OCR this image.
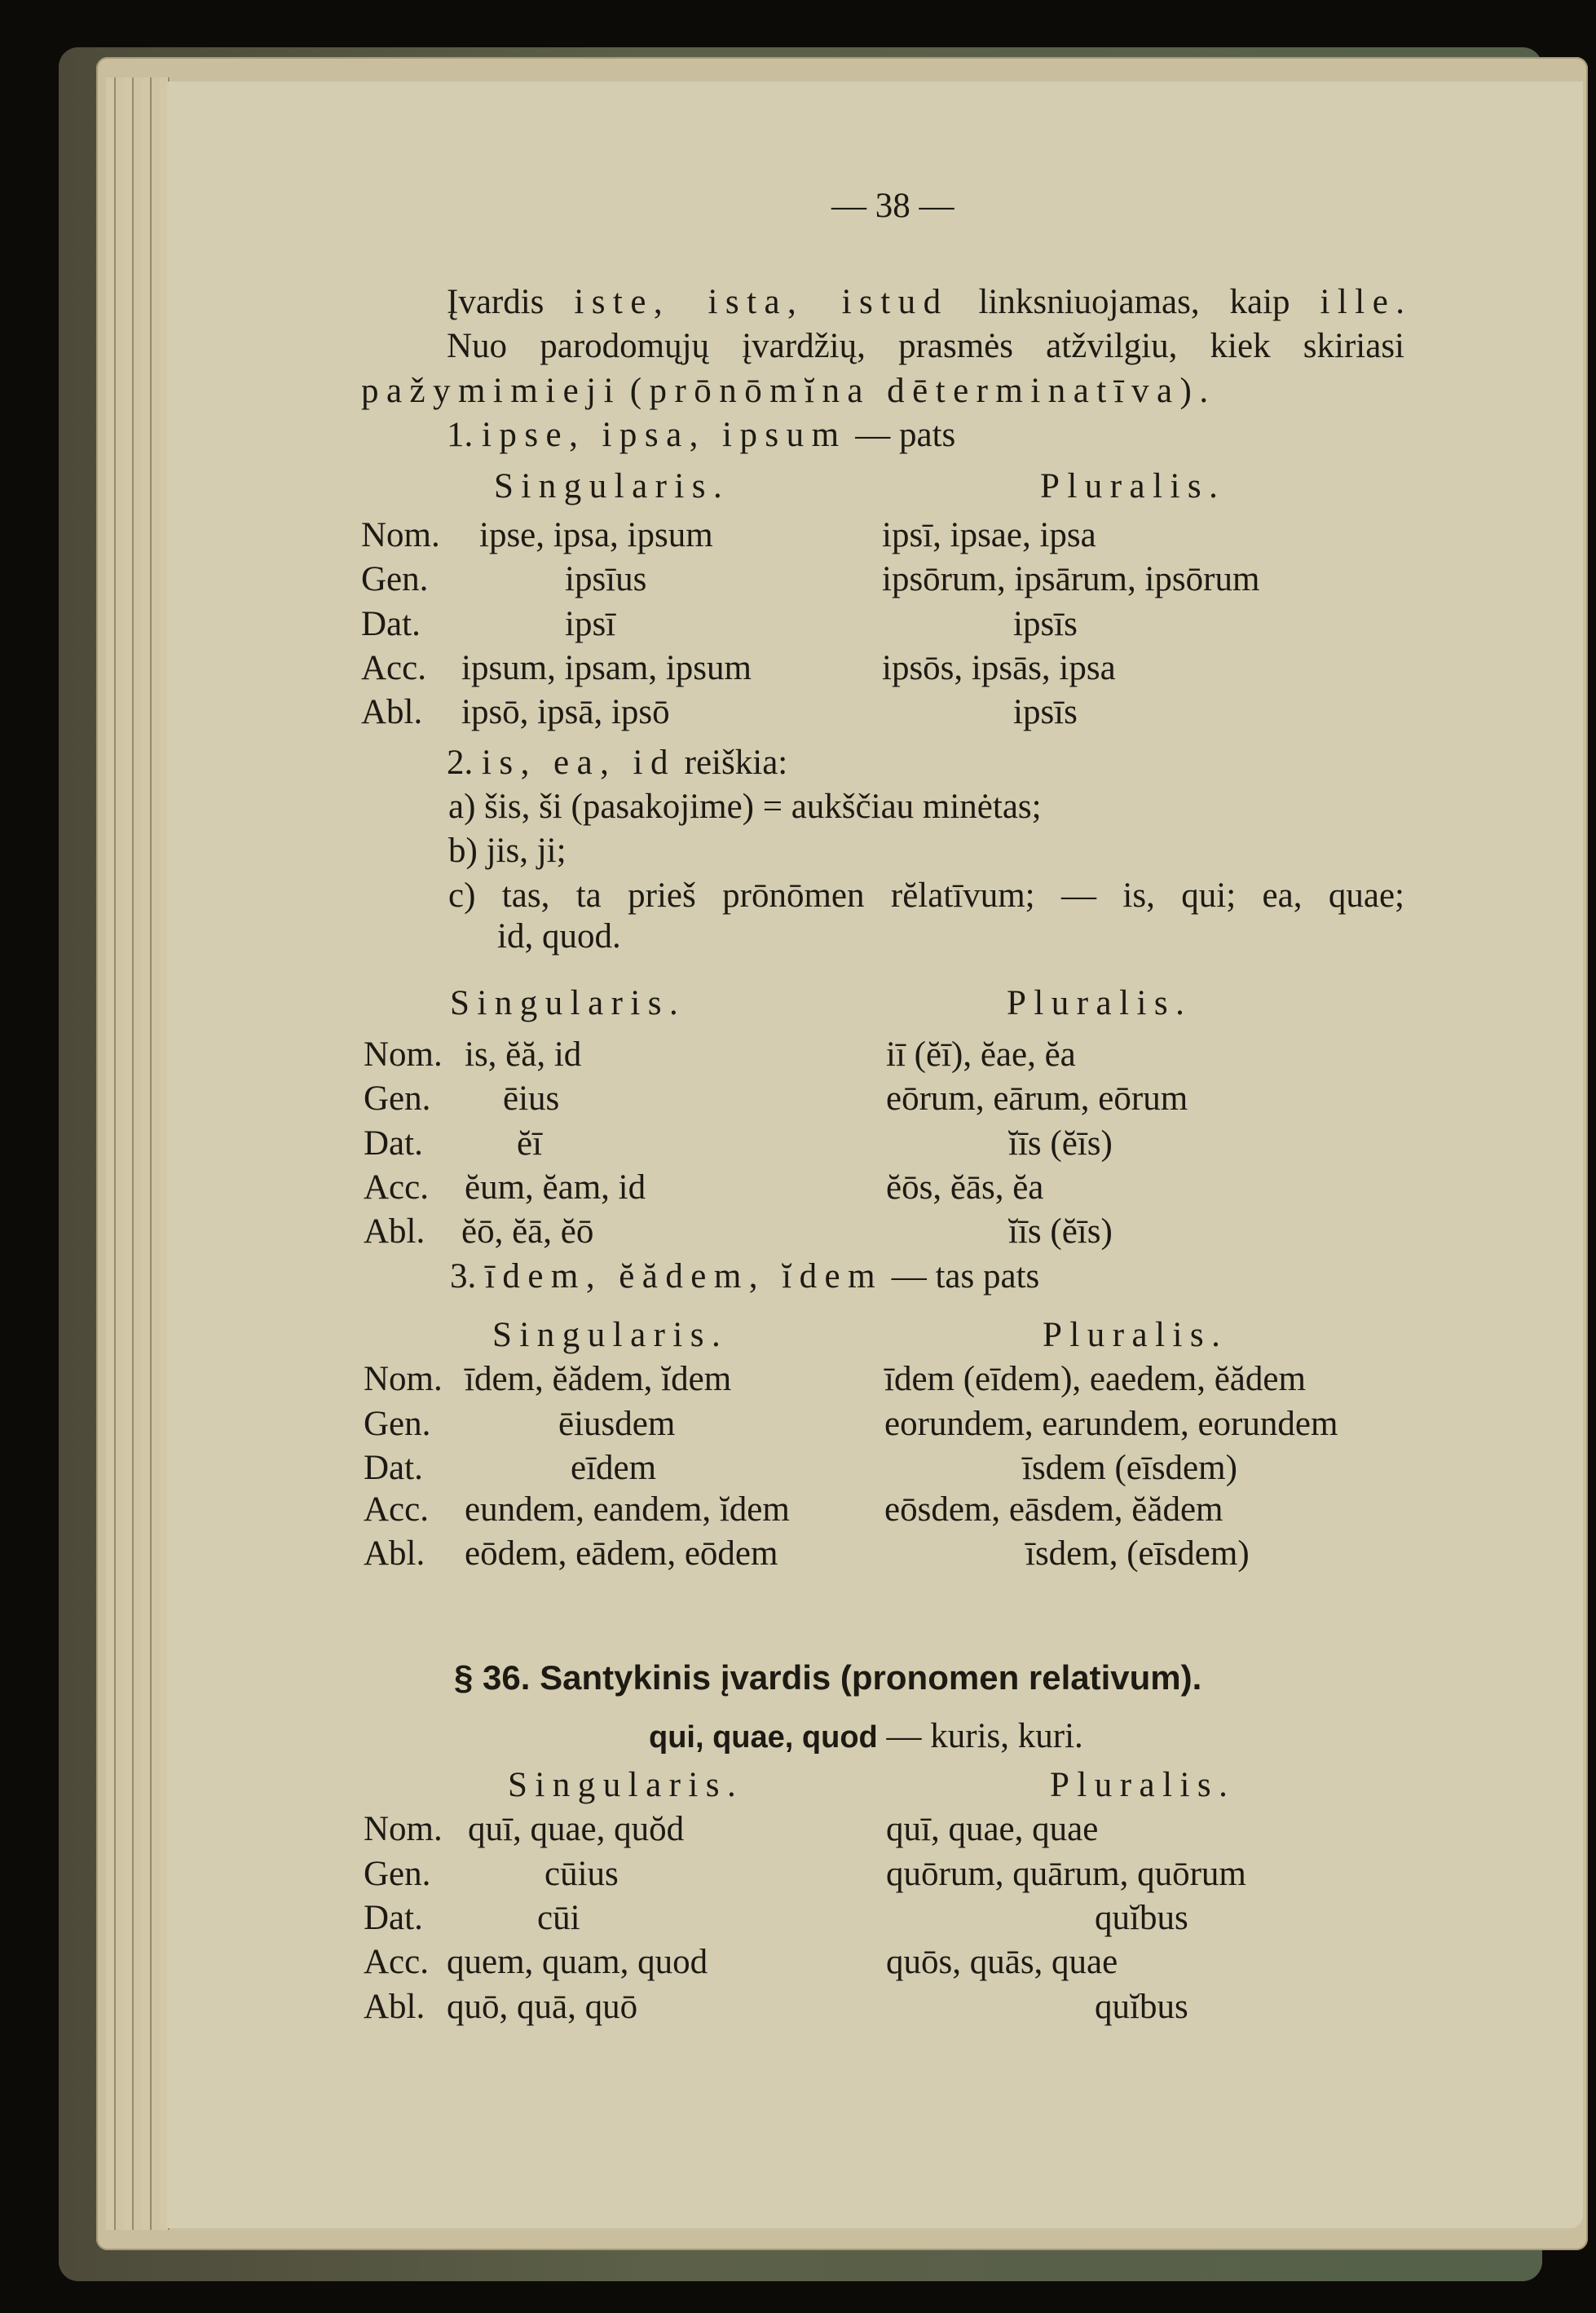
— 38 —
Įvardis iste, ista, istud linksniuojamas, kaip ille.
Nuo parodomųjų įvardžių, prasmės atžvilgiu, kiek skiriasi
pažymimieji (prōnōmĭna dēterminatīva).
1. ipse, ipsa, ipsum — pats
Singularis.	Pluralis.
Nom. ipse, ipsa, ipsum	ipsī, ipsae, ipsa
Gen.	ipsīus	ipsōrum, ipsārum, ipsōrum
Dat.	ipsī	ipsīs
Acc. ipsum, ipsam, ipsum	ipsōs, ipsās, ipsa
Abl. ipsō, ipsā, ipsō	ipsīs
2. is, ea, id reiškia:
a) šis, ši (pasakojime) = aukščiau minėtas;
b) jis, ji;
c) tas, ta prieš prōnōmen rĕlatīvum; — is, qui; ea, quae;
id, quod.
Singularis.	Pluralis.
Nom. is, ĕă, id	iī (ĕī), ĕae, ĕa
Gen. ēius	eōrum, eārum, eōrum
Dat.	ĕī	ĭīs (ĕīs)
Acc. ĕum, ĕam, id	ĕōs, ĕās, ĕa
Abl. ĕō, ĕā, ĕō	ĭīs (ĕīs)
3. īdem, ĕădem, ĭdem — tas pats
Singularis.	Pluralis.
Nom. īdem, ĕădem, ĭdem	īdem (eīdem), eaedem, ĕădem
Gen.	ēiusdem	eorundem, earundem, eorundem
Dat.	eīdem	īsdem (eīsdem)
Acc. eundem, eandem, ĭdem	eōsdem, eāsdem, ĕădem
Abl. eōdem, eādem, eōdem	īsdem, (eīsdem)
§ 36. Santykinis įvardis (pronomen relativum).
qui, quae, quod — kuris, kuri.
Singularis.	Pluralis.
Nom. quī, quae, quŏd	quī, quae, quae
Gen.	cūius	quōrum, quārum, quōrum
Dat.	cūi	quĭbus
Acc. quem, quam, quod	quōs, quās, quae
Abl. quō, quā, quō	quĭbus
